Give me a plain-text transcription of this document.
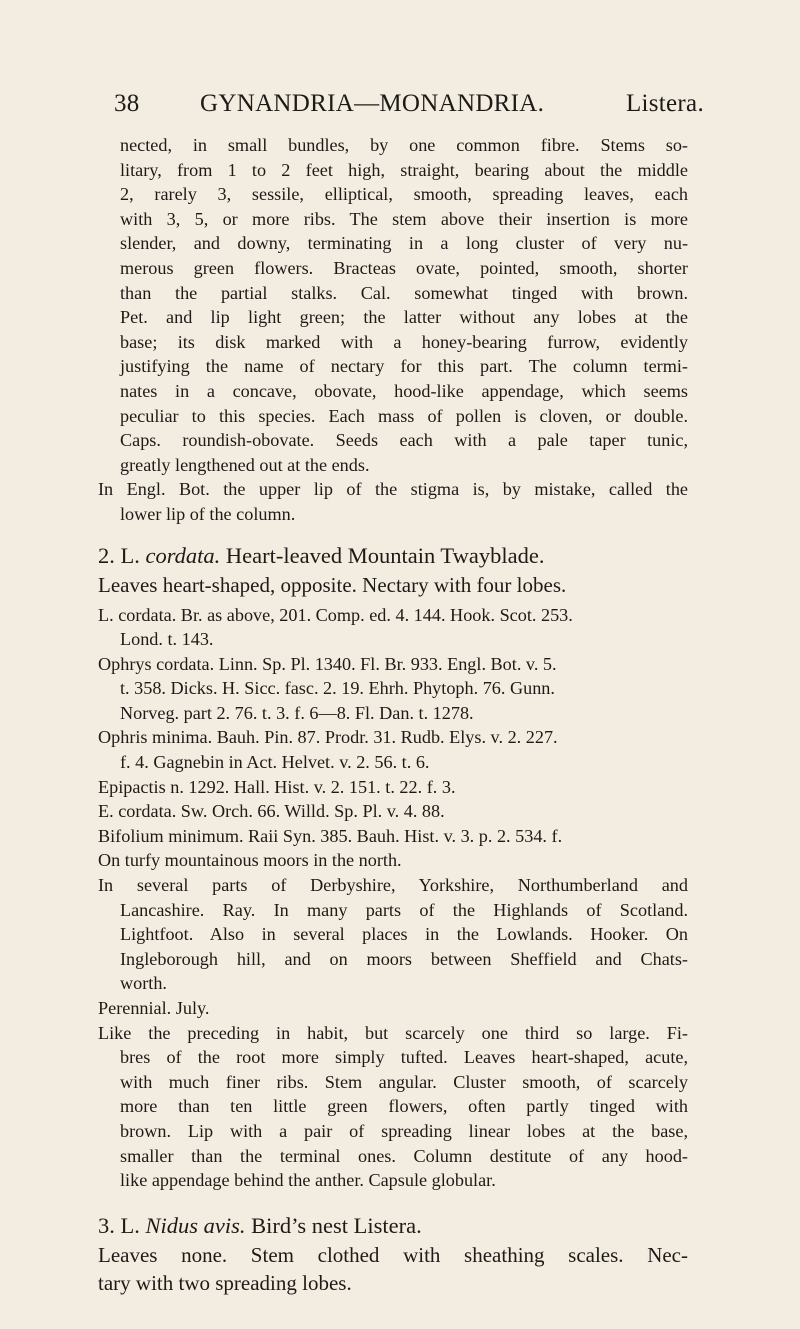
38 GYNANDRIA—MONANDRIA.	Listera.
nected, in small bundles, by one common fibre. Stems so-
litary, from 1 to 2 feet high, straight, bearing about the middle
2, rarely 3, sessile, elliptical, smooth, spreading leaves, each
with 3, 5, or more ribs. The stem above their insertion is more
slender, and downy, terminating in a long cluster of very nu-
merous green flowers. Bracteas ovate, pointed, smooth, shorter
than the partial stalks. Cal. somewhat tinged with brown.
Pet. and lip light green; the latter without any lobes at the
base; its disk marked with a honey-bearing furrow, evidently
justifying the name of nectary for this part. The column termi-
nates in a concave, obovate, hood-like appendage, which seems
peculiar to this species. Each mass of pollen is cloven, or double.
Caps. roundish-obovate. Seeds each with a pale taper tunic,
greatly lengthened out at the ends.
In Engl. Bot. the upper lip of the stigma is, by mistake, called the
lower lip of the column.
2. L. cordata. Heart-leaved Mountain Twayblade.
Leaves heart-shaped, opposite. Nectary with four lobes.
L. cordata. Br. as above, 201. Comp. ed. 4. 144. Hook. Scot. 253.
Lond. t. 143.
Ophrys cordata. Linn. Sp. Pl. 1340. Fl. Br. 933. Engl. Bot. v. 5.
t. 358. Dicks. H. Sicc. fasc. 2. 19. Ehrh. Phytoph. 76. Gunn.
Norveg. part 2. 76. t. 3. f. 6—8. Fl. Dan. t. 1278.
Ophris minima. Bauh. Pin. 87. Prodr. 31. Rudb. Elys. v. 2. 227.
f. 4. Gagnebin in Act. Helvet. v. 2. 56. t. 6.
Epipactis n. 1292. Hall. Hist. v. 2. 151. t. 22. f. 3.
E. cordata. Sw. Orch. 66. Willd. Sp. Pl. v. 4. 88.
Bifolium minimum. Raii Syn. 385. Bauh. Hist. v. 3. p. 2. 534. f.
On turfy mountainous moors in the north.
In several parts of Derbyshire, Yorkshire, Northumberland and
Lancashire. Ray. In many parts of the Highlands of Scotland.
Lightfoot. Also in several places in the Lowlands. Hooker. On
Ingleborough hill, and on moors between Sheffield and Chats-
worth.
Perennial. July.
Like the preceding in habit, but scarcely one third so large. Fi-
bres of the root more simply tufted. Leaves heart-shaped, acute,
with much finer ribs. Stem angular. Cluster smooth, of scarcely
more than ten little green flowers, often partly tinged with
brown. Lip with a pair of spreading linear lobes at the base,
smaller than the terminal ones. Column destitute of any hood-
like appendage behind the anther. Capsule globular.
3. L. Nidus avis. Bird’s nest Listera.
Leaves none. Stem clothed with sheathing scales. Nec-
tary with two spreading lobes.
